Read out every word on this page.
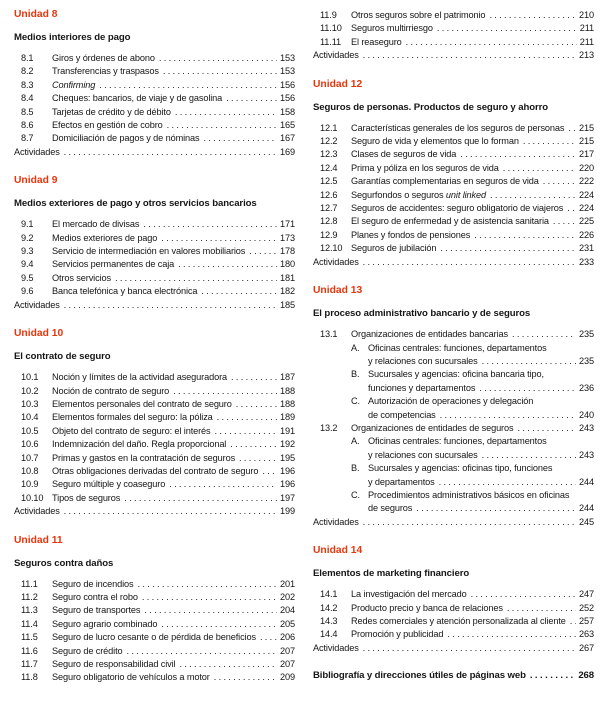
Unidad 8
Medios interiores de pago
8.1	Giros y órdenes de abono . . .	153
8.2	Transferencias y traspasos . . .	153
8.3	Confirming . . .	156
8.4	Cheques: bancarios, de viaje y de gasolina . . .	156
8.5	Tarjetas de crédito y de débito . . .	158
8.6	Efectos en gestión de cobro . . .	165
8.7	Domiciliación de pagos y de nóminas . . .	167
Actividades . . .	169
Unidad 9
Medios exteriores de pago y otros servicios bancarios
9.1	El mercado de divisas . . .	171
9.2	Medios exteriores de pago . . .	173
9.3	Servicio de intermediación en valores mobiliarios . . .	178
9.4	Servicios permanentes de caja . . .	180
9.5	Otros servicios . . .	181
9.6	Banca telefónica y banca electrónica . . .	182
Actividades . . .	185
Unidad 10
El contrato de seguro
10.1	Noción y límites de la actividad aseguradora . . .	187
10.2	Noción de contrato de seguro . . .	188
10.3	Elementos personales del contrato de seguro . . .	188
10.4	Elementos formales del seguro: la póliza . . .	189
10.5	Objeto del contrato de seguro: el interés . . .	191
10.6	Indemnización del daño. Regla proporcional . . .	192
10.7	Primas y gastos en la contratación de seguros . . .	195
10.8	Otras obligaciones derivadas del contrato de seguro . . . 196
10.9	Seguro múltiple y coaseguro . . .	196
10.10 Tipos de seguros . . .	197
Actividades . . .	199
Unidad 11
Seguros contra daños
11.1	Seguro de incendios . . .	201
11.2	Seguro contra el robo . . .	202
11.3	Seguro de transportes . . .	204
11.4	Seguro agrario combinado . . .	205
11.5	Seguro de lucro cesante o de pérdida de beneficios . . .	206
11.6	Seguro de crédito . . .	207
11.7	Seguro de responsabilidad civil . . .	207
11.8	Seguro obligatorio de vehículos a motor . . .	209
11.9	Otros seguros sobre el patrimonio . . .	210
11.10	Seguros multirriesgo . . .	211
11.11	El reaseguro . . .	211
Actividades . . .	213
Unidad 12
Seguros de personas. Productos de seguro y ahorro
12.1	Características generales de los seguros de personas . . . 215
12.2	Seguro de vida y elementos que lo forman . . .	215
12.3	Clases de seguros de vida . . .	217
12.4	Prima y póliza en los seguros de vida . . .	220
12.5	Garantías complementarias en seguros de vida . . .	222
12.6	Segurfondos o seguros unit linked . . .	224
12.7	Seguros de accidentes: seguro obligatorio de viajeros . . . 224
12.8	El seguro de enfermedad y de asistencia sanitaria . . .	225
12.9	Planes y fondos de pensiones . . .	226
12.10 Seguros de jubilación . . .	231
Actividades . . .	233
Unidad 13
El proceso administrativo bancario y de seguros
13.1	Organizaciones de entidades bancarias . . .	235
A. Oficinas centrales: funciones, departamentos
y relaciones con sucursales . . .	235
B. Sucursales y agencias: oficina bancaria tipo,
funciones y departamentos . . .	236
C. Autorización de operaciones y delegación
de competencias . . .	240
13.2	Organizaciones de entidades de seguros . . .	243
A. Oficinas centrales: funciones, departamentos
y relaciones con sucursales . . .	243
B. Sucursales y agencias: oficinas tipo, funciones
y departamentos . . .	244
C. Procedimientos administrativos básicos en oficinas
de seguros . . .	244
Actividades . . .	245
Unidad 14
Elementos de marketing financiero
14.1	La investigación del mercado . . .	247
14.2	Producto precio y banca de relaciones . . .	252
14.3	Redes comerciales y atención personalizada al cliente . . . 257
14.4	Promoción y publicidad . . .	263
Actividades . . .	267
Bibliografía y direcciones útiles de páginas web . . .	268
